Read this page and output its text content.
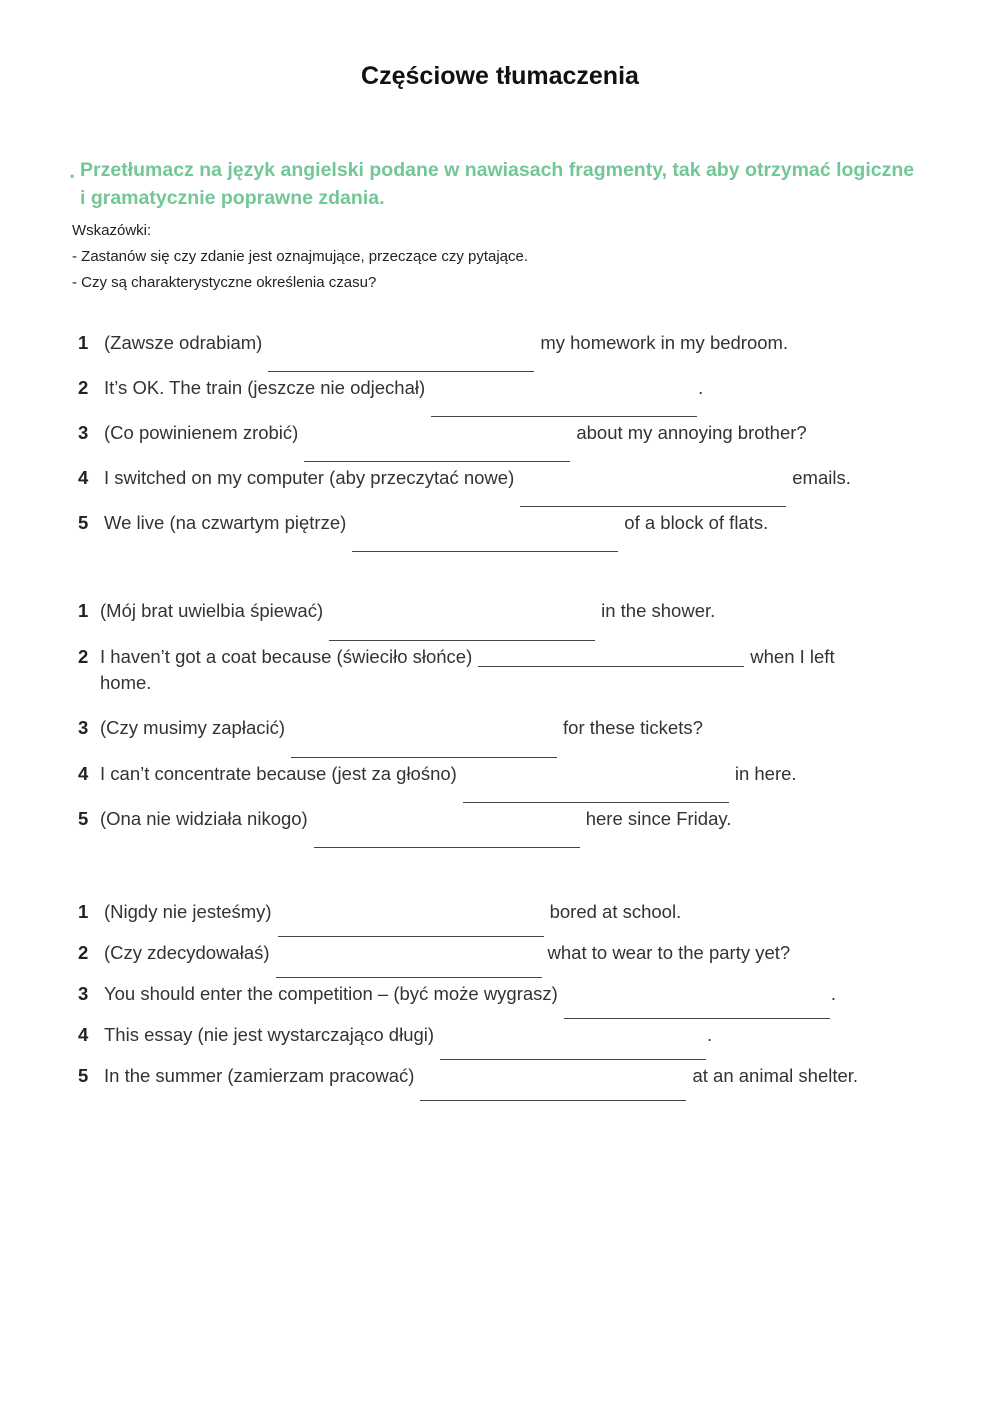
Częściowe tłumaczenia
• Przetłumacz na język angielski podane w nawiasach fragmenty, tak aby otrzymać logiczne
i gramatycznie poprawne zdania.
Wskazówki:
- Zastanów się czy zdanie jest oznajmujące, przeczące czy pytające.
- Czy są charakterystyczne określenia czasu?
1 (Zawsze odrabiam)	my homework in my bedroom.
2 It’s OK. The train (jeszcze nie odjechał)	.
3 (Co powinienem zrobić)	about my annoying brother?
4 I switched on my computer (aby przeczytać nowe)	emails.
5 We live (na czwartym piętrze)	of a block of flats.
1 (Mój brat uwielbia śpiewać)	in the shower.
2 I haven’t got a coat because (świeciło słońce)	when I left
home.
3 (Czy musimy zapłacić)	for these tickets?
4 I can’t concentrate because (jest za głośno)	in here.
5 (Ona nie widziała nikogo)	here since Friday.
1 (Nigdy nie jesteśmy)	bored at school.
2 (Czy zdecydowałaś)	what to wear to the party yet?
3 You should enter the competition – (być może wygrasz)	.
4 This essay (nie jest wystarczająco długi)	.
5 In the summer (zamierzam pracować)	at an animal shelter.
